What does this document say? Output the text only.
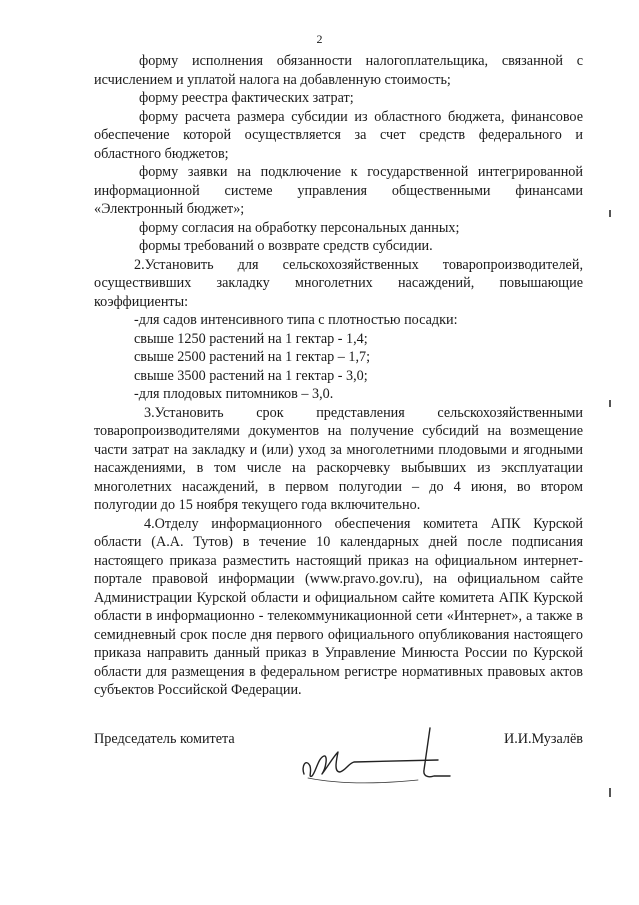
2

форму исполнения обязанности налогоплательщика, связанной с исчислением и уплатой налога на добавленную стоимость;

форму реестра фактических затрат;

форму расчета размера субсидии из областного бюджета, финансовое обеспечение которой осуществляется за счет средств федерального и областного бюджетов;

форму заявки на подключение к государственной интегрированной информационной системе управления общественными финансами «Электронный бюджет»;

форму согласия на обработку персональных данных;

формы требований о возврате средств субсидии.

2.Установить для сельскохозяйственных товаропроизводителей, осуществивших закладку многолетних насаждений, повышающие коэффициенты:

-для садов интенсивного типа с плотностью посадки:

свыше 1250 растений на 1 гектар - 1,4;

свыше 2500 растений на 1 гектар – 1,7;

свыше 3500 растений на 1 гектар - 3,0;

-для плодовых питомников – 3,0.

3.Установить срок представления сельскохозяйственными товаропроизводителями документов на получение субсидий на возмещение части затрат на закладку и (или) уход за многолетними плодовыми и ягодными насаждениями, в том числе на раскорчевку выбывших из эксплуатации многолетних насаждений, в первом полугодии – до 4 июня, во втором полугодии до 15 ноября текущего года включительно.

4.Отделу информационного обеспечения комитета АПК Курской области (А.А. Тутов) в течение 10 календарных дней после подписания настоящего приказа разместить настоящий приказ на официальном интернет-портале правовой информации (www.pravo.gov.ru), на официальном сайте Администрации Курской области и официальном сайте комитета АПК Курской области в информационно - телекоммуникационной сети «Интернет», а также в семидневный срок после дня первого официального опубликования настоящего приказа направить данный приказ в Управление Минюста России по Курской области для размещения в федеральном регистре нормативных правовых актов субъектов Российской Федерации.

Председатель комитета	И.И.Музалёв
